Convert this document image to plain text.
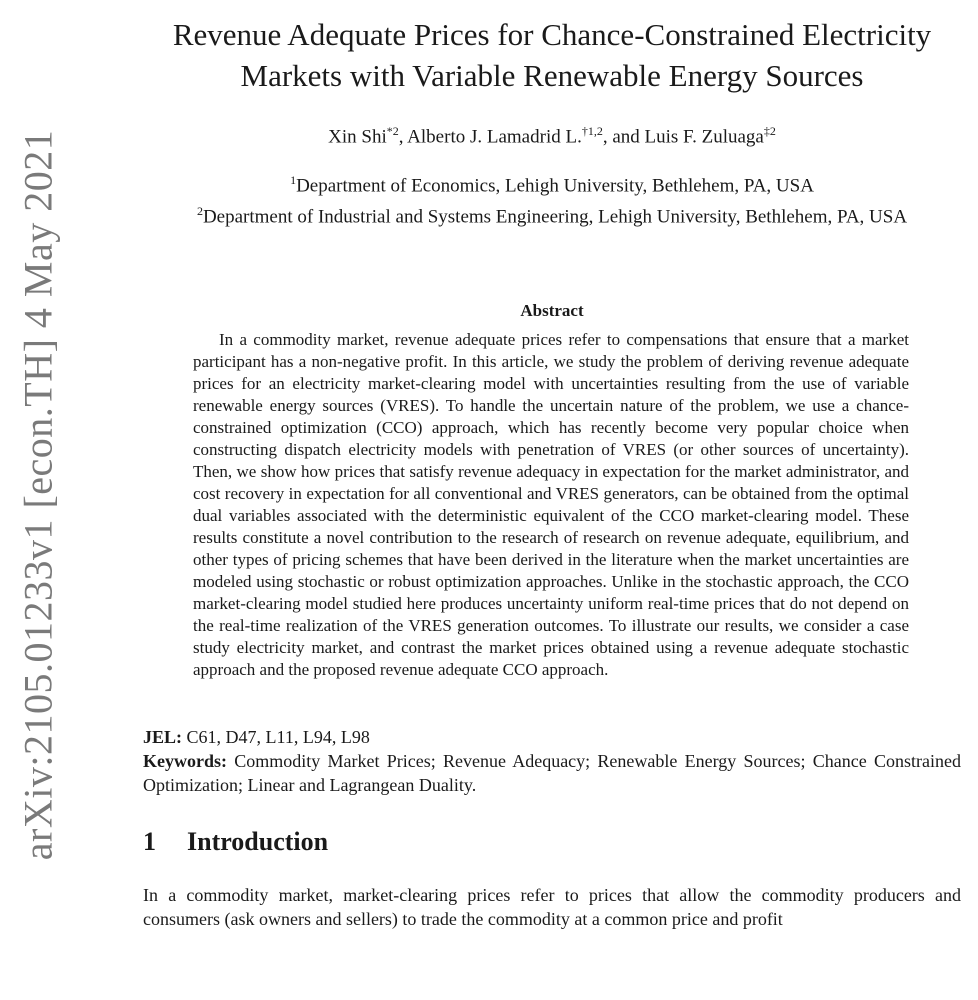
arXiv:2105.01233v1 [econ.TH] 4 May 2021
Revenue Adequate Prices for Chance-Constrained Electricity
Markets with Variable Renewable Energy Sources
Xin Shi$^{*2}$, Alberto J. Lamadrid L.$^{\dagger 1,2}$, and Luis F. Zuluaga$^{\ddagger 2}$
$^1$Department of Economics, Lehigh University, Bethlehem, PA, USA
$^2$Department of Industrial and Systems Engineering, Lehigh University, Bethlehem, PA, USA
Abstract
In a commodity market, revenue adequate prices refer to compensations that ensure that a market participant has a non-negative profit. In this article, we study the problem of deriving revenue adequate prices for an electricity market-clearing model with uncertainties resulting from the use of variable renewable energy sources (VRES). To handle the uncertain nature of the problem, we use a chance-constrained optimization (CCO) approach, which has recently become very popular choice when constructing dispatch electricity models with penetration of VRES (or other sources of uncertainty). Then, we show how prices that satisfy revenue adequacy in expectation for the market administrator, and cost recovery in expectation for all conventional and VRES generators, can be obtained from the optimal dual variables associated with the deterministic equivalent of the CCO market-clearing model. These results constitute a novel contribution to the research of research on revenue adequate, equilibrium, and other types of pricing schemes that have been derived in the literature when the market uncertainties are modeled using stochastic or robust optimization approaches. Unlike in the stochastic approach, the CCO market-clearing model studied here produces uncertainty uniform real-time prices that do not depend on the real-time realization of the VRES generation outcomes. To illustrate our results, we consider a case study electricity market, and contrast the market prices obtained using a revenue adequate stochastic approach and the proposed revenue adequate CCO approach.
JEL: C61, D47, L11, L94, L98
Keywords: Commodity Market Prices; Revenue Adequacy; Renewable Energy Sources; Chance Constrained Optimization; Linear and Lagrangean Duality.
1 Introduction
In a commodity market, market-clearing prices refer to prices that allow the commodity producers and consumers (ask owners and sellers) to trade the commodity at a common price and profit
